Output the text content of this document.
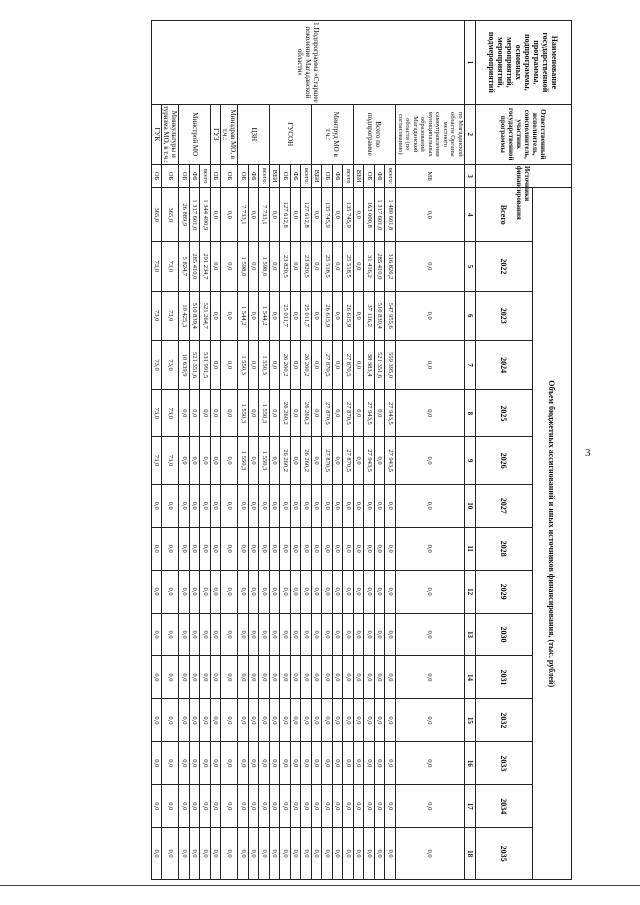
3
Наименование государственной программы, подпрограммы, основных мероприятий, мероприятий, подмероприятий	Ответственный исполнитель, соисполнитель, участник государственной программы	Источники финансирования	Объем бюджетных ассигнований и иных источников финансирования, (тыс. рублей)														
			Всего	2022	2023	2024	2025	2026	2027	2028	2029	2030	2031	2032	2033	2034	2035
1	2	3	4	5	6	7	8	9	10	11	12	13	14	15	16	17	18
1.Подпрограмма «Старшее поколение Магаданской области»	по Магаданской области Органы местного самоуправления муниципальных образований Магаданской области (по согласованию)	МБ	0,0	0,0	0,0	0,0	0,0	0,0	0,0	0,0	0,0	0,0	0,0	0,0	0,0	0,0	0,0
	Всего по подпрограмме	всего:	1 480 601,8	316 826,2	547 955,6	559 395,0	27 943,5	27 943,5	0,0	0,0	0,0	0,0	0,0	0,0	0,0	0,0	0,0
		ФБ	1 317 601,0	285 410,0	510 839,4	521 351,6	0,0	0,0	0,0	0,0	0,0	0,0	0,0	0,0	0,0	0,0	0,0
		ОБ	163 000,8	31 416,2	37 116,2	38 383,4	27 943,5	27 943,5	0,0	0,0	0,0	0,0	0,0	0,0	0,0	0,0	0,0
		ВБИ	0,0	0,0	0,0	0,0	0,0	0,0	0,0	0,0	0,0	0,0	0,0	0,0	0,0	0,0	0,0
	Минтруд МО в т.ч.:	всего	135 745,9	25 518,5	26 615,9	27 870,5	27 870,5	27 870,5	0,0	0,0	0,0	0,0	0,0	0,0	0,0	0,0	0,0
		ФБ	0,0	0,0	0,0	0,0	0,0	0,0	0,0	0,0	0,0	0,0	0,0	0,0	0,0	0,0	0,0
		ОБ	135 745,9	25 518,5	26 615,9	27 870,5	27 870,5	27 870,5	0,0	0,0	0,0	0,0	0,0	0,0	0,0	0,0	0,0
		ВБИ	0,0	0,0	0,0	0,0	0,0	0,0	0,0	0,0	0,0	0,0	0,0	0,0	0,0	0,0	0,0
	ГУСОН	всего:	127 612,8	23 820,5	25 011,7	26 260,2	26 260,2	26 260,2	0,0	0,0	0,0	0,0	0,0	0,0	0,0	0,0	0,0
		ФБ	0,0	0,0	0,0	0,0	0,0	0,0	0,0	0,0	0,0	0,0	0,0	0,0	0,0	0,0	0,0
		ОБ	127 612,8	23 820,5	25 011,7	26 260,2	26 260,2	26 260,2	0,0	0,0	0,0	0,0	0,0	0,0	0,0	0,0	0,0
		ВБИ	0,0	0,0	0,0	0,0	0,0	0,0	0,0	0,0	0,0	0,0	0,0	0,0	0,0	0,0	0,0
	ЦЗН	всего:	7 733,1	1 598,0	1 544,2	1 550,3	1 550,3	1 550,3	0,0	0,0	0,0	0,0	0,0	0,0	0,0	0,0	0,0
		ФБ	0,0	0,0	0,0	0,0	0,0	0,0	0,0	0,0	0,0	0,0	0,0	0,0	0,0	0,0	0,0
		ОБ	7 733,1	1 598,0	1 544,2	1 550,3	1 550,3	1 550,3	0,0	0,0	0,0	0,0	0,0	0,0	0,0	0,0	0,0
	Минздрав МО, в т.ч.:	ОБ	0,0	0,0	0,0	0,0	0,0	0,0	0,0	0,0	0,0	0,0	0,0	0,0	0,0	0,0	0,0
	ГУЗ	ОБ	0,0	0,0	0,0	0,0	0,0	0,0	0,0	0,0	0,0	0,0	0,0	0,0	0,0	0,0	0,0
	Минстрой МО	всего	1 344 490,9	291 234,7	521 264,7	531 991,5	0,0	0,0	0,0	0,0	0,0	0,0	0,0	0,0	0,0	0,0	0,0
		ФБ	1 317 601,0	285 410,0	510 839,4	521 351,6	0,0	0,0	0,0	0,0	0,0	0,0	0,0	0,0	0,0	0,0	0,0
		ОБ	26 889,9	5 824,7	10 425,3	10 639,9	0,0	0,0	0,0	0,0	0,0	0,0	0,0	0,0	0,0	0,0	0,0
	Минкультуры и туризма МО, в т.ч.:	ОБ	365,0	73,0	73,0	73,0	73,0	73,0	0,0	0,0	0,0	0,0	0,0	0,0	0,0	0,0	0,0
	ГУК	ОБ	365,0	73,0	73,0	73,0	73,0	73,0	0,0	0,0	0,0	0,0	0,0	0,0	0,0	0,0	0,0
